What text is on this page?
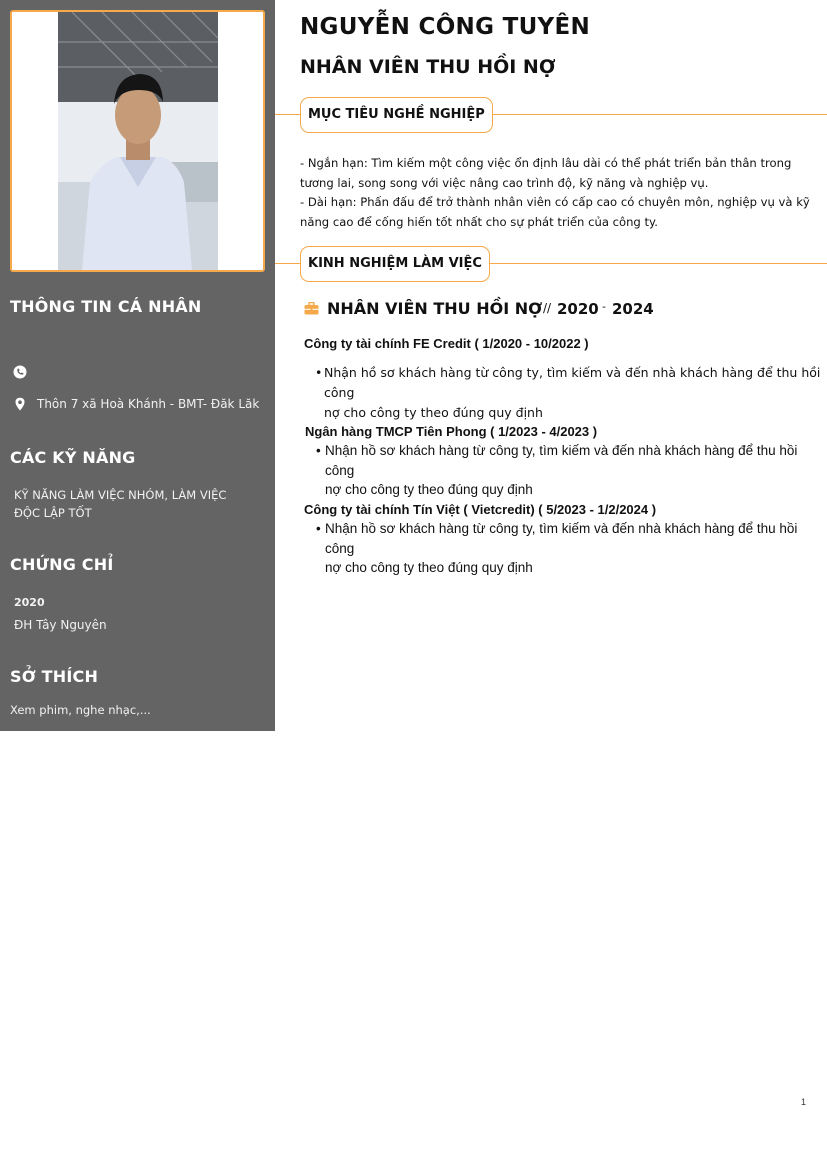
THÔNG TIN CÁ NHÂN
Thôn 7 xã Hoà Khánh - BMT- Đăk Lăk
CÁC KỸ NĂNG
KỸ NĂNG LÀM VIỆC NHÓM, LÀM VIỆC
ĐỘC LẬP TỐT
CHỨNG CHỈ
2020
ĐH Tây Nguyên
SỞ THÍCH
Xem phim, nghe nhạc,...
NGUYỄN CÔNG TUYÊN
NHÂN VIÊN THU HỒI NỢ
MỤC TIÊU NGHỀ NGHIỆP
- Ngắn hạn: Tìm kiếm một công việc ổn định lâu dài có thể phát triển bản thân trong
tương lai, song song với việc nâng cao trình độ, kỹ năng và nghiệp vụ.
- Dài hạn: Phấn đấu để trở thành nhân viên có cấp cao có chuyên môn, nghiệp vụ và kỹ
năng cao để cống hiến tốt nhất cho sự phát triển của công ty.
KINH NGHIỆM LÀM VIỆC
NHÂN VIÊN THU HỒI NỢ // 2020 - 2024
Công ty tài chính FE Credit ( 1/2020 - 10/2022 )
• Nhận hồ sơ khách hàng từ công ty, tìm kiếm và đến nhà khách hàng để thu hồi công
nợ cho công ty theo đúng quy định
Ngân hàng TMCP Tiên Phong ( 1/2023 - 4/2023 )
• Nhận hồ sơ khách hàng từ công ty, tìm kiếm và đến nhà khách hàng để thu hồi công
nợ cho công ty theo đúng quy định
Công ty tài chính Tín Việt ( Vietcredit) ( 5/2023 - 1/2/2024 )
• Nhận hồ sơ khách hàng từ công ty, tìm kiếm và đến nhà khách hàng để thu hồi công
nợ cho công ty theo đúng quy định
1
